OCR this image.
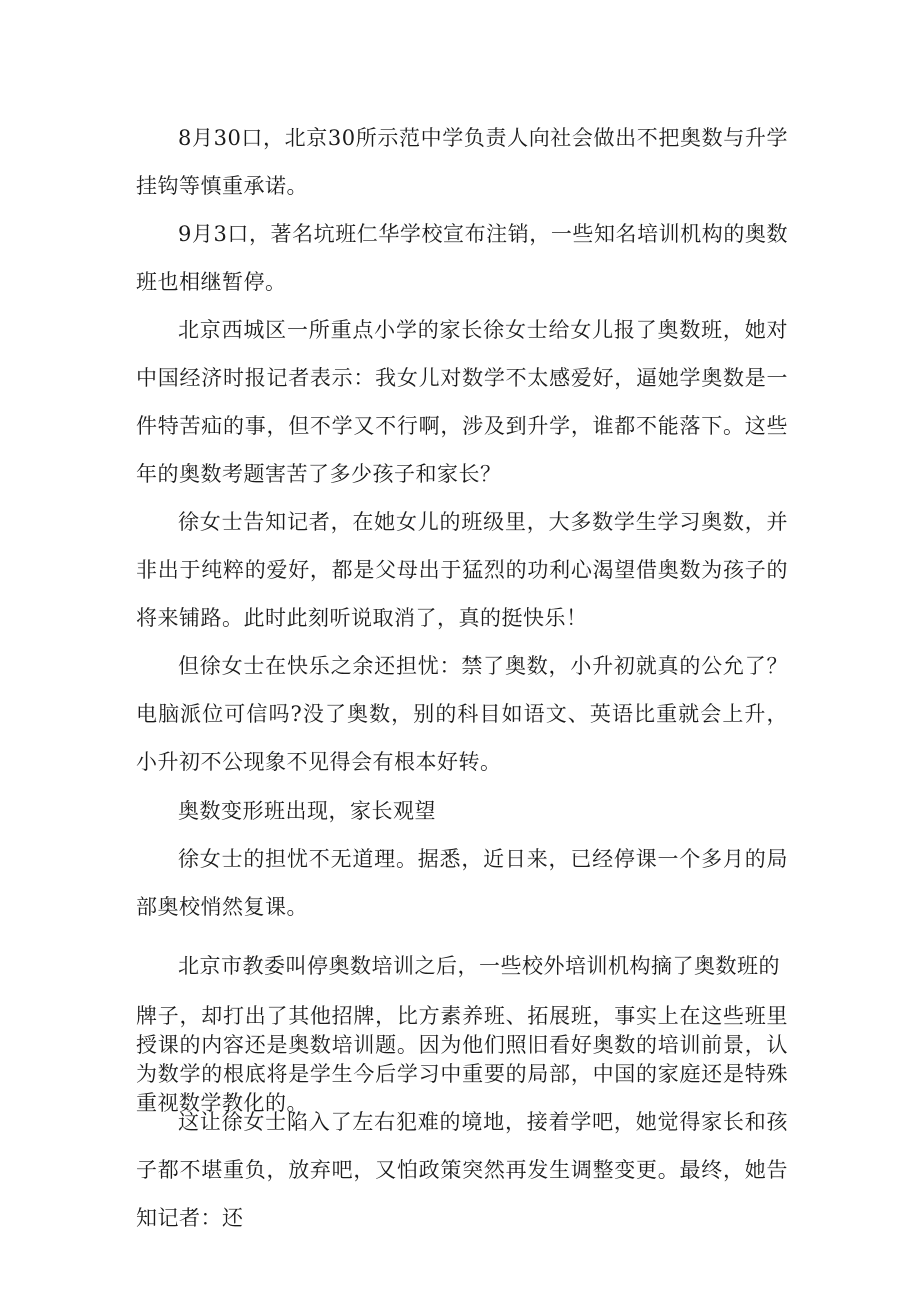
8月30口，北京30所示范中学负责人向社会做出不把奥数与升学挂钩等慎重承诺。

9月3口，著名坑班仁华学校宣布注销，一些知名培训机构的奥数班也相继暂停。

北京西城区一所重点小学的家长徐女士给女儿报了奥数班，她对中国经济时报记者表示：我女儿对数学不太感爱好，逼她学奥数是一件特苦疝的事，但不学又不行啊，涉及到升学，谁都不能落下。这些年的奥数考题害苦了多少孩子和家长？

徐女士告知记者，在她女儿的班级里，大多数学生学习奥数，并非出于纯粹的爱好，都是父母出于猛烈的功利心渴望借奥数为孩子的将来铺路。此时此刻听说取消了，真的挺快乐！

但徐女士在快乐之余还担忧：禁了奥数，小升初就真的公允了？电脑派位可信吗?没了奥数，别的科目如语文、英语比重就会上升，小升初不公现象不见得会有根本好转。

奥数变形班出现，家长观望

徐女士的担忧不无道理。据悉，近日来，已经停课一个多月的局部奥校悄然复课。

北京市教委叫停奥数培训之后，一些校外培训机构摘了奥数班的

牌子，却打出了其他招牌，比方素养班、拓展班，事实上在这些班里授课的内容还是奥数培训题。因为他们照旧看好奥数的培训前景，认为数学的根底将是学生今后学习中重要的局部，中国的家庭还是特殊重视数学教化的。

这让徐女士陷入了左右犯难的境地，接着学吧，她觉得家长和孩子都不堪重负，放弃吧，又怕政策突然再发生调整变更。最终，她告知记者：还
